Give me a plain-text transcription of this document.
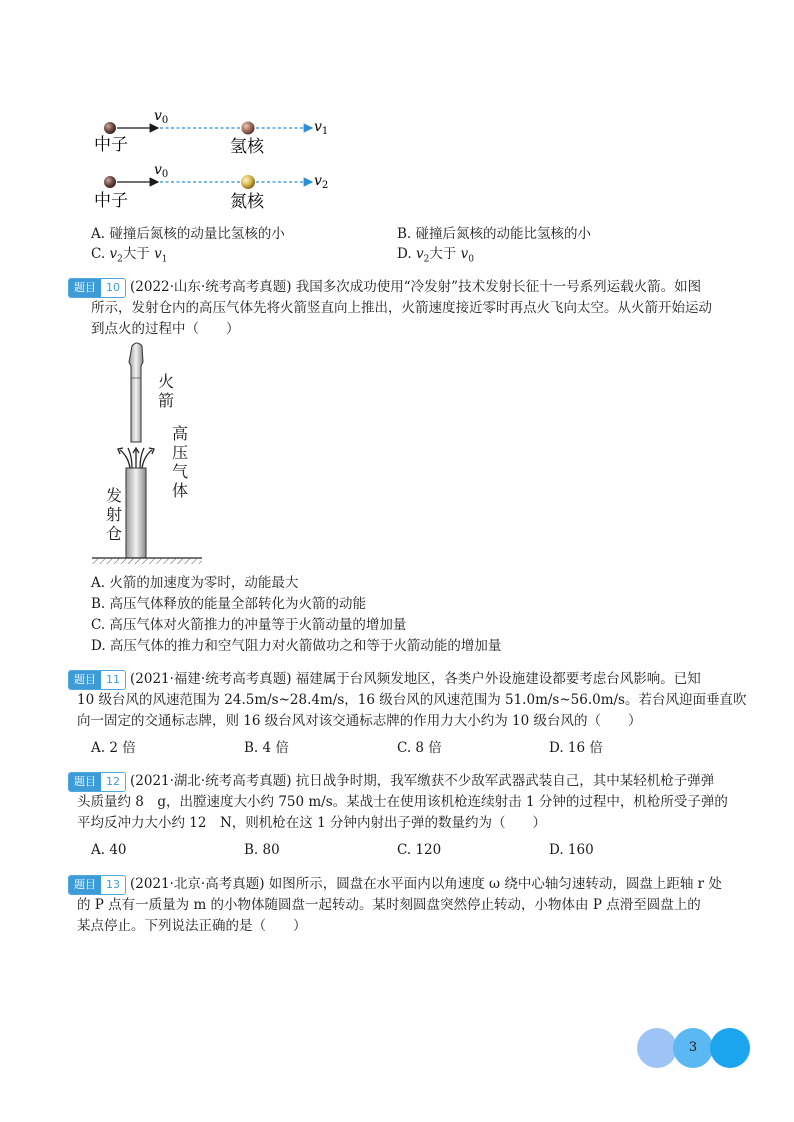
$v_0$	$v_1$
中子	氢核
$v_0$	$v_2$
中子	氮核
A. 碰撞后氮核的动量比氢核的小	B. 碰撞后氮核的动能比氢核的小
C. $v_2$大于 $v_1$	D. $v_2$大于 $v_0$
题目 10 (2022·山东·统考高考真题) 我国多次成功使用“冷发射”技术发射长征十一号系列运载火箭。如图
所示，发射仓内的高压气体先将火箭竖直向上推出，火箭速度接近零时再点火飞向太空。从火箭开始运动
到点火的过程中（　　）
火箭
高压气体
发射仓
A. 火箭的加速度为零时，动能最大
B. 高压气体释放的能量全部转化为火箭的动能
C. 高压气体对火箭推力的冲量等于火箭动量的增加量
D. 高压气体的推力和空气阻力对火箭做功之和等于火箭动能的增加量
题目 11 (2021·福建·统考高考真题) 福建属于台风频发地区，各类户外设施建设都要考虑台风影响。已知
10 级台风的风速范围为 24.5m/s~28.4m/s，16 级台风的风速范围为 51.0m/s~56.0m/s。若台风迎面垂直吹
向一固定的交通标志牌，则 16 级台风对该交通标志牌的作用力大小约为 10 级台风的（　　）
A. 2 倍	B. 4 倍	C. 8 倍	D. 16 倍
题目 12 (2021·湖北·统考高考真题) 抗日战争时期，我军缴获不少敌军武器武装自己，其中某轻机枪子弹弹
头质量约 8　g，出膛速度大小约 750 m/s。某战士在使用该机枪连续射击 1 分钟的过程中，机枪所受子弹的
平均反冲力大小约 12　N，则机枪在这 1 分钟内射出子弹的数量约为（　　）
A. 40	B. 80	C. 120	D. 160
题目 13 (2021·北京·高考真题) 如图所示，圆盘在水平面内以角速度 ω 绕中心轴匀速转动，圆盘上距轴 r 处
的 P 点有一质量为 m 的小物体随圆盘一起转动。某时刻圆盘突然停止转动，小物体由 P 点滑至圆盘上的
某点停止。下列说法正确的是（　　）
3
